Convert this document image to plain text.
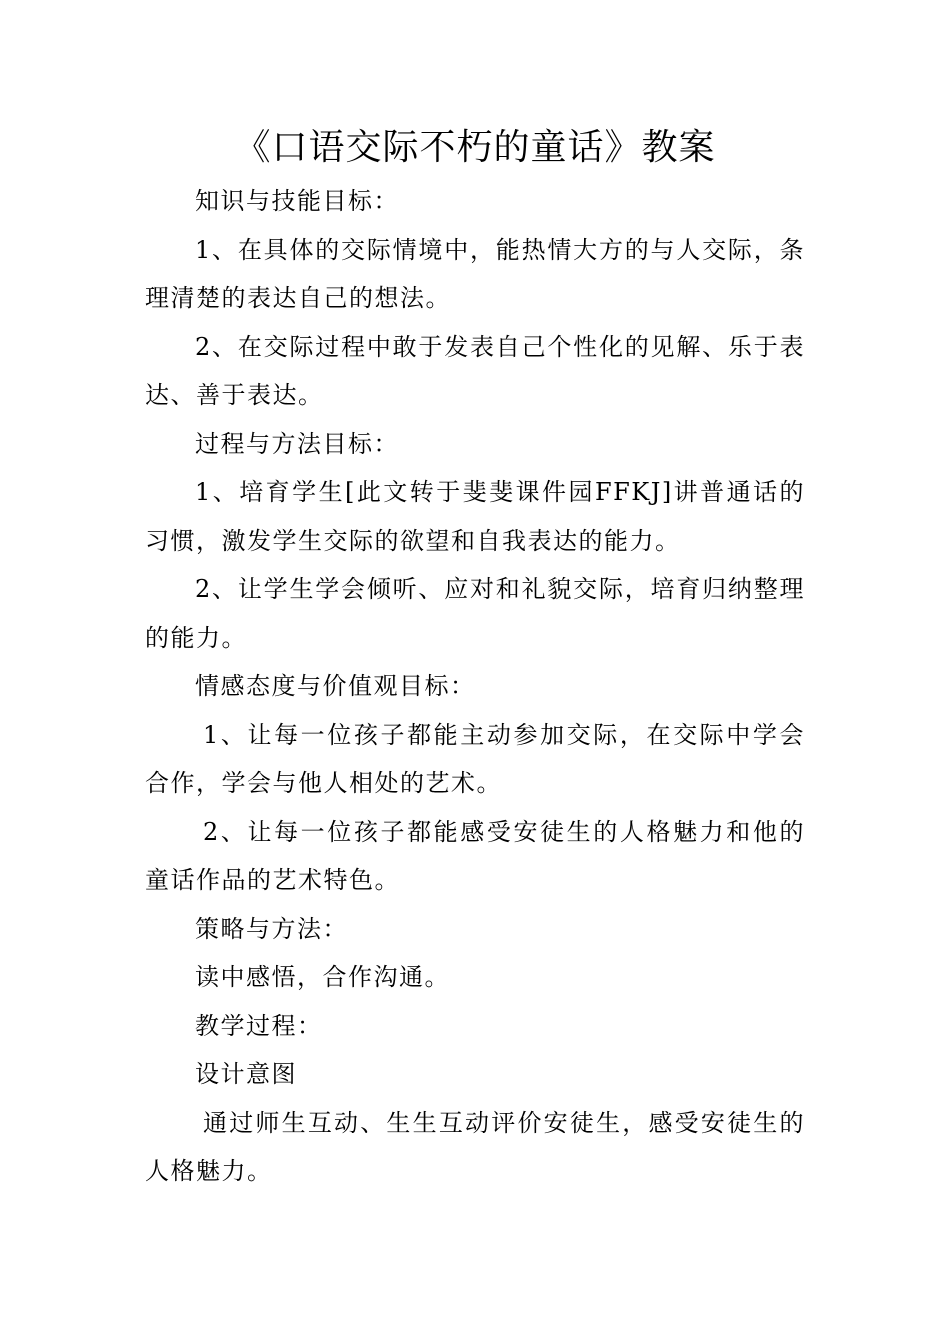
《口语交际不朽的童话》教案

知识与技能目标：

1、在具体的交际情境中，能热情大方的与人交际，条理清楚的表达自己的想法。

2、在交际过程中敢于发表自己个性化的见解、乐于表达、善于表达。

过程与方法目标：

1、培育学生[此文转于斐斐课件园FFKJ]讲普通话的习惯，激发学生交际的欲望和自我表达的能力。

2、让学生学会倾听、应对和礼貌交际，培育归纳整理的能力。

情感态度与价值观目标：

1、让每一位孩子都能主动参加交际，在交际中学会合作，学会与他人相处的艺术。

2、让每一位孩子都能感受安徒生的人格魅力和他的童话作品的艺术特色。

策略与方法：

读中感悟，合作沟通。

教学过程：

设计意图

通过师生互动、生生互动评价安徒生，感受安徒生的人格魅力。
